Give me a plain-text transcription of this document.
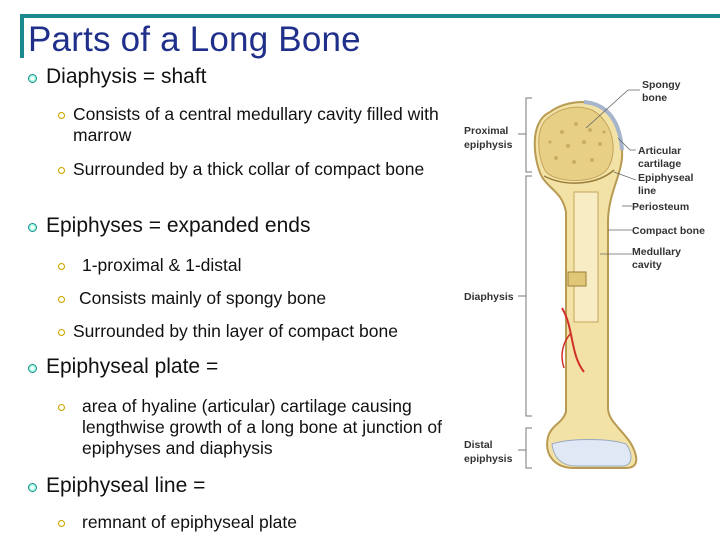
Parts of a Long Bone
Diaphysis = shaft
Consists of a central medullary cavity filled with marrow
Surrounded by a thick collar of compact bone
Epiphyses = expanded ends
1-proximal & 1-distal
Consists mainly of spongy bone
Surrounded by thin layer of compact bone
Epiphyseal plate =
area of hyaline (articular) cartilage causing lengthwise growth of a long bone at junction of epiphyses and diaphysis
Epiphyseal line =
remnant of epiphyseal plate
Proximal
epiphysis
Diaphysis
Distal
epiphysis
Spongy
bone
Articular
cartilage
Epiphyseal
line
Periosteum
Compact bone
Medullary
cavity
